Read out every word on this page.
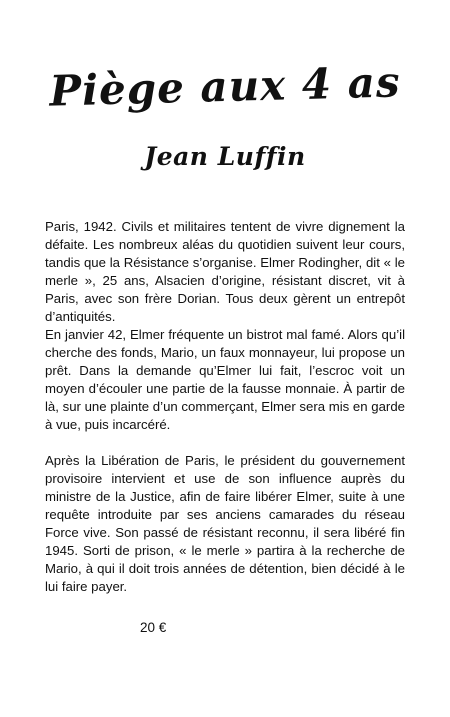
Piège aux 4 as
Jean Luffin

Paris, 1942. Civils et militaires tentent de vivre dignement la défaite. Les nombreux aléas du quotidien suivent leur cours, tandis que la Résistance s’organise. Elmer Rodingher, dit « le merle », 25 ans, Alsacien d’origine, résistant discret, vit à Paris, avec son frère Dorian. Tous deux gèrent un entrepôt d’antiquités.

En janvier 42, Elmer fréquente un bistrot mal famé. Alors qu’il cherche des fonds, Mario, un faux monnayeur, lui propose un prêt. Dans la demande qu’Elmer lui fait, l’escroc voit un moyen d’écouler une partie de la fausse monnaie. À partir de là, sur une plainte d’un commerçant, Elmer sera mis en garde à vue, puis incarcéré.

Après la Libération de Paris, le président du gouvernement provisoire intervient et use de son influence auprès du ministre de la Justice, afin de faire libérer Elmer, suite à une requête introduite par ses anciens camarades du réseau Force vive. Son passé de résistant reconnu, il sera libéré fin 1945. Sorti de prison, « le merle » partira à la recherche de Mario, à qui il doit trois années de détention, bien décidé à le lui faire payer.

20 €
